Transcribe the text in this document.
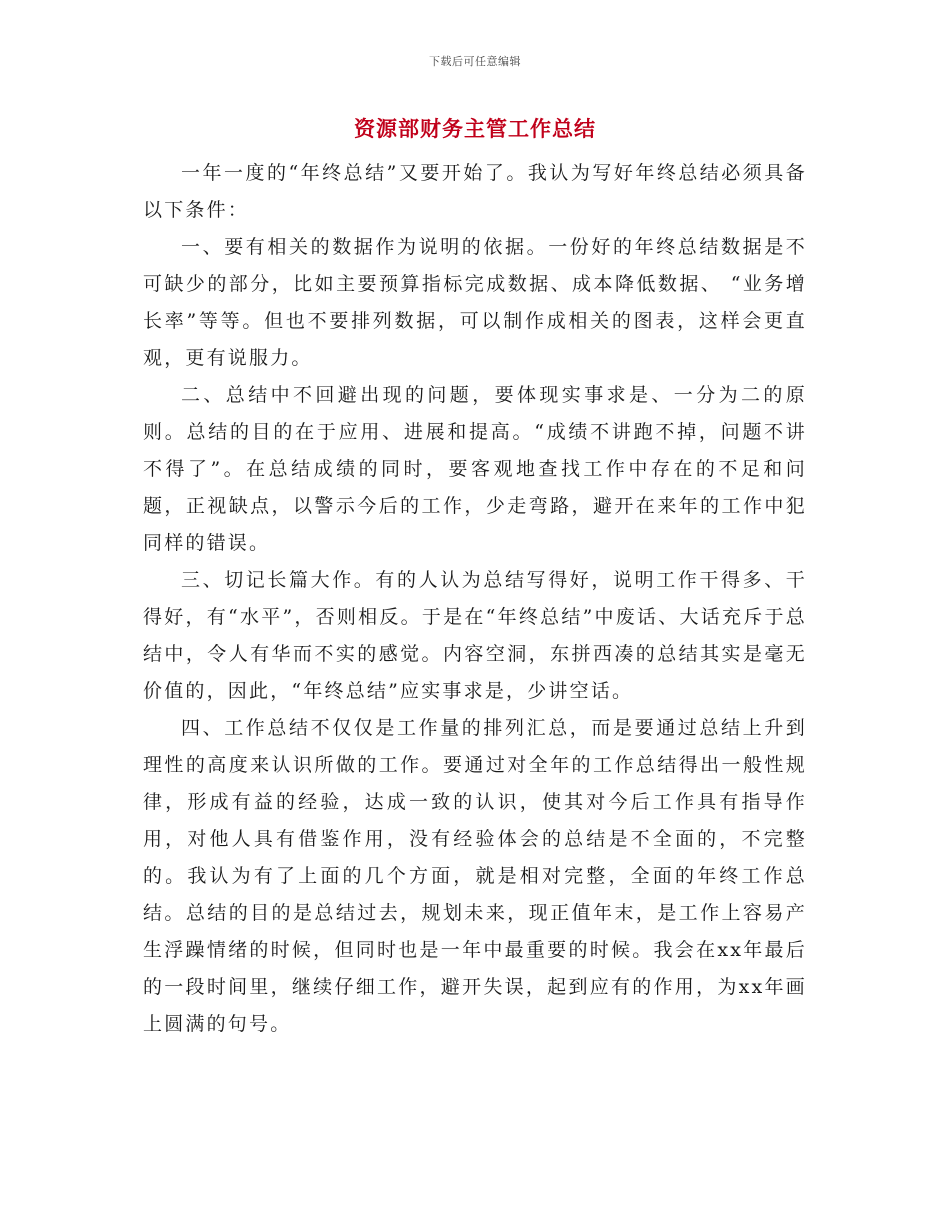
下载后可任意编辑
资源部财务主管工作总结

一年一度的“年终总结”又要开始了。我认为写好年终总结必须具备以下条件：

一、要有相关的数据作为说明的依据。一份好的年终总结数据是不可缺少的部分，比如主要预算指标完成数据、成本降低数据、 “业务增长率”等等。但也不要排列数据，可以制作成相关的图表，这样会更直观，更有说服力。

二、总结中不回避出现的问题，要体现实事求是、一分为二的原则。总结的目的在于应用、进展和提高。“成绩不讲跑不掉，问题不讲不得了”。在总结成绩的同时，要客观地查找工作中存在的不足和问题，正视缺点，以警示今后的工作，少走弯路，避开在来年的工作中犯同样的错误。

三、切记长篇大作。有的人认为总结写得好，说明工作干得多、干得好，有“水平”，否则相反。于是在“年终总结”中废话、大话充斥于总结中，令人有华而不实的感觉。内容空洞，东拼西凑的总结其实是毫无价值的，因此，“年终总结”应实事求是，少讲空话。

四、工作总结不仅仅是工作量的排列汇总，而是要通过总结上升到理性的高度来认识所做的工作。要通过对全年的工作总结得出一般性规律，形成有益的经验，达成一致的认识，使其对今后工作具有指导作用，对他人具有借鉴作用，没有经验体会的总结是不全面的，不完整的。我认为有了上面的几个方面，就是相对完整，全面的年终工作总结。总结的目的是总结过去，规划未来，现正值年末，是工作上容易产生浮躁情绪的时候，但同时也是一年中最重要的时候。我会在xx年最后的一段时间里，继续仔细工作，避开失误，起到应有的作用，为xx年画上圆满的句号。
